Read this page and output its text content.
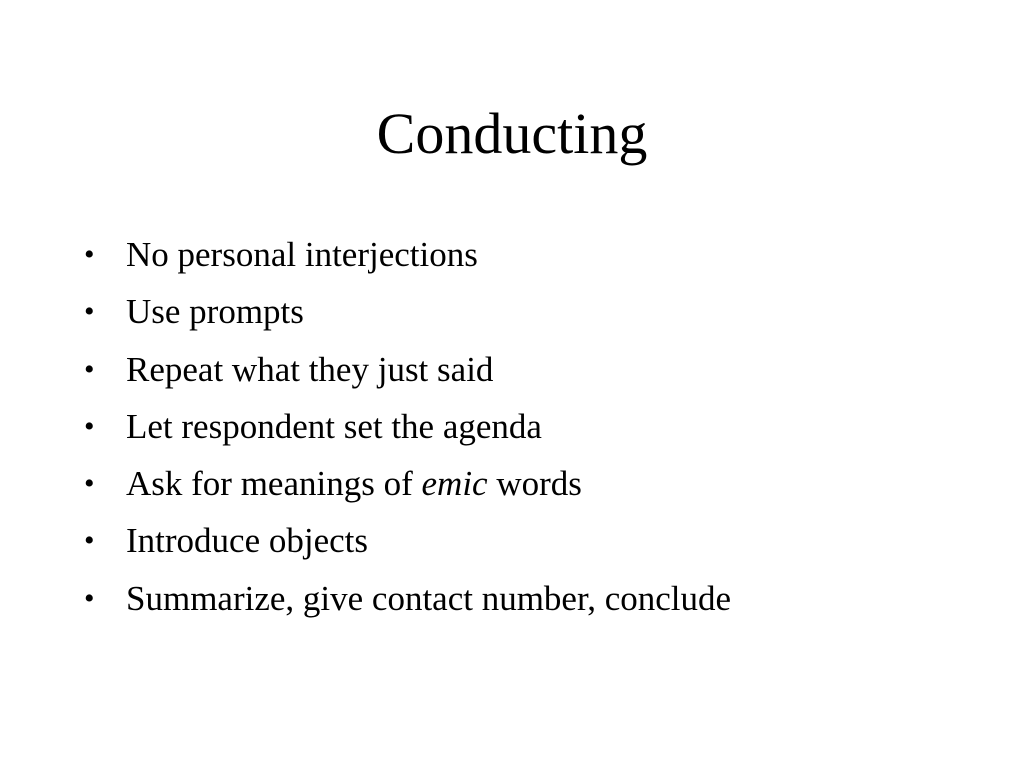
Conducting
• No personal interjections
• Use prompts
• Repeat what they just said
• Let respondent set the agenda
• Ask for meanings of emic words
• Introduce objects
• Summarize, give contact number, conclude
